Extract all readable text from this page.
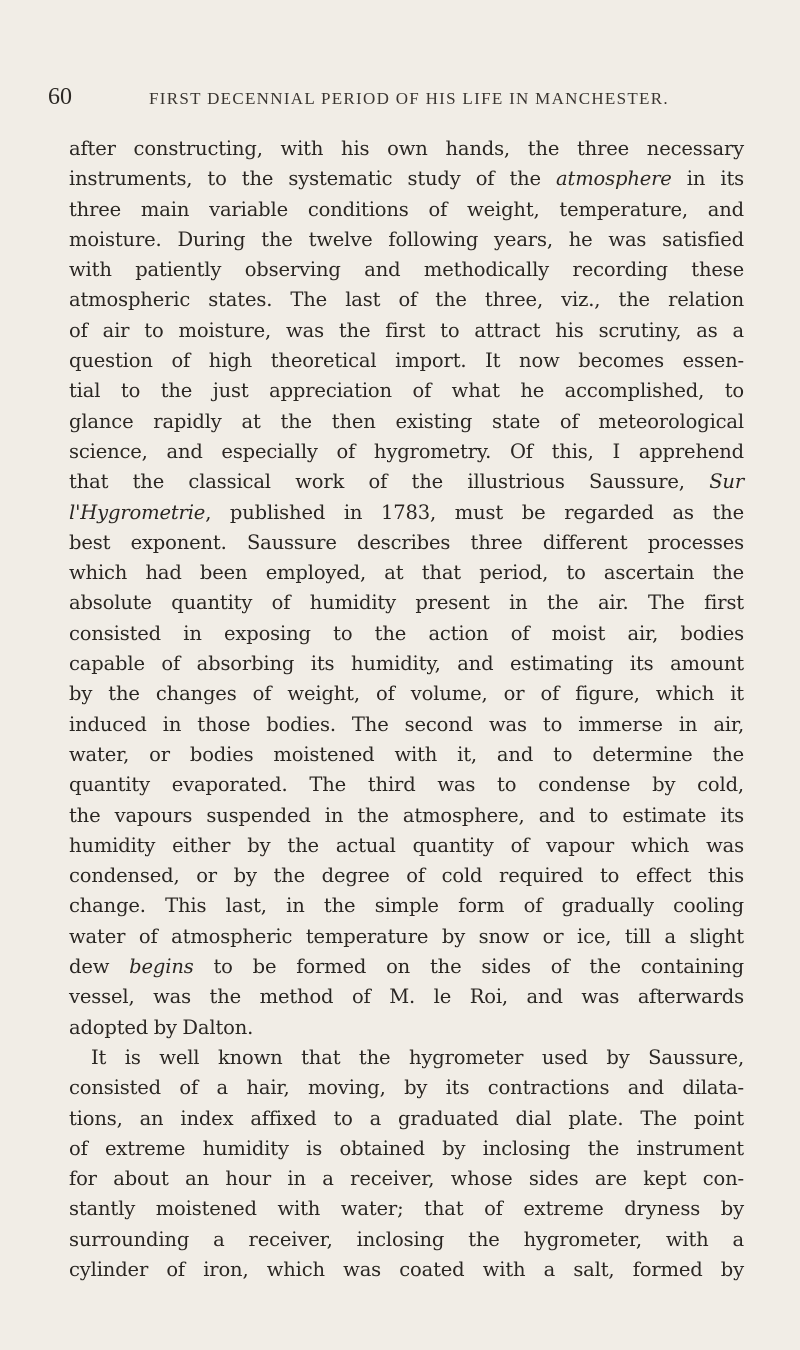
60	FIRST DECENNIAL PERIOD OF HIS LIFE IN MANCHESTER.
after constructing, with his own hands, the three necessary
instruments, to the systematic study of the atmosphere in its
three main variable conditions of weight, temperature, and
moisture. During the twelve following years, he was satisfied
with patiently observing and methodically recording these
atmospheric states. The last of the three, viz., the relation
of air to moisture, was the first to attract his scrutiny, as a
question of high theoretical import. It now becomes essen-
tial to the just appreciation of what he accomplished, to
glance rapidly at the then existing state of meteorological
science, and especially of hygrometry. Of this, I apprehend
that the classical work of the illustrious Saussure, Sur
l'Hygrometrie, published in 1783, must be regarded as the
best exponent. Saussure describes three different processes
which had been employed, at that period, to ascertain the
absolute quantity of humidity present in the air. The first
consisted in exposing to the action of moist air, bodies
capable of absorbing its humidity, and estimating its amount
by the changes of weight, of volume, or of figure, which it
induced in those bodies. The second was to immerse in air,
water, or bodies moistened with it, and to determine the
quantity evaporated. The third was to condense by cold,
the vapours suspended in the atmosphere, and to estimate its
humidity either by the actual quantity of vapour which was
condensed, or by the degree of cold required to effect this
change. This last, in the simple form of gradually cooling
water of atmospheric temperature by snow or ice, till a slight
dew begins to be formed on the sides of the containing
vessel, was the method of M. le Roi, and was afterwards
adopted by Dalton.
It is well known that the hygrometer used by Saussure,
consisted of a hair, moving, by its contractions and dilata-
tions, an index affixed to a graduated dial plate. The point
of extreme humidity is obtained by inclosing the instrument
for about an hour in a receiver, whose sides are kept con-
stantly moistened with water; that of extreme dryness by
surrounding a receiver, inclosing the hygrometer, with a
cylinder of iron, which was coated with a salt, formed by
